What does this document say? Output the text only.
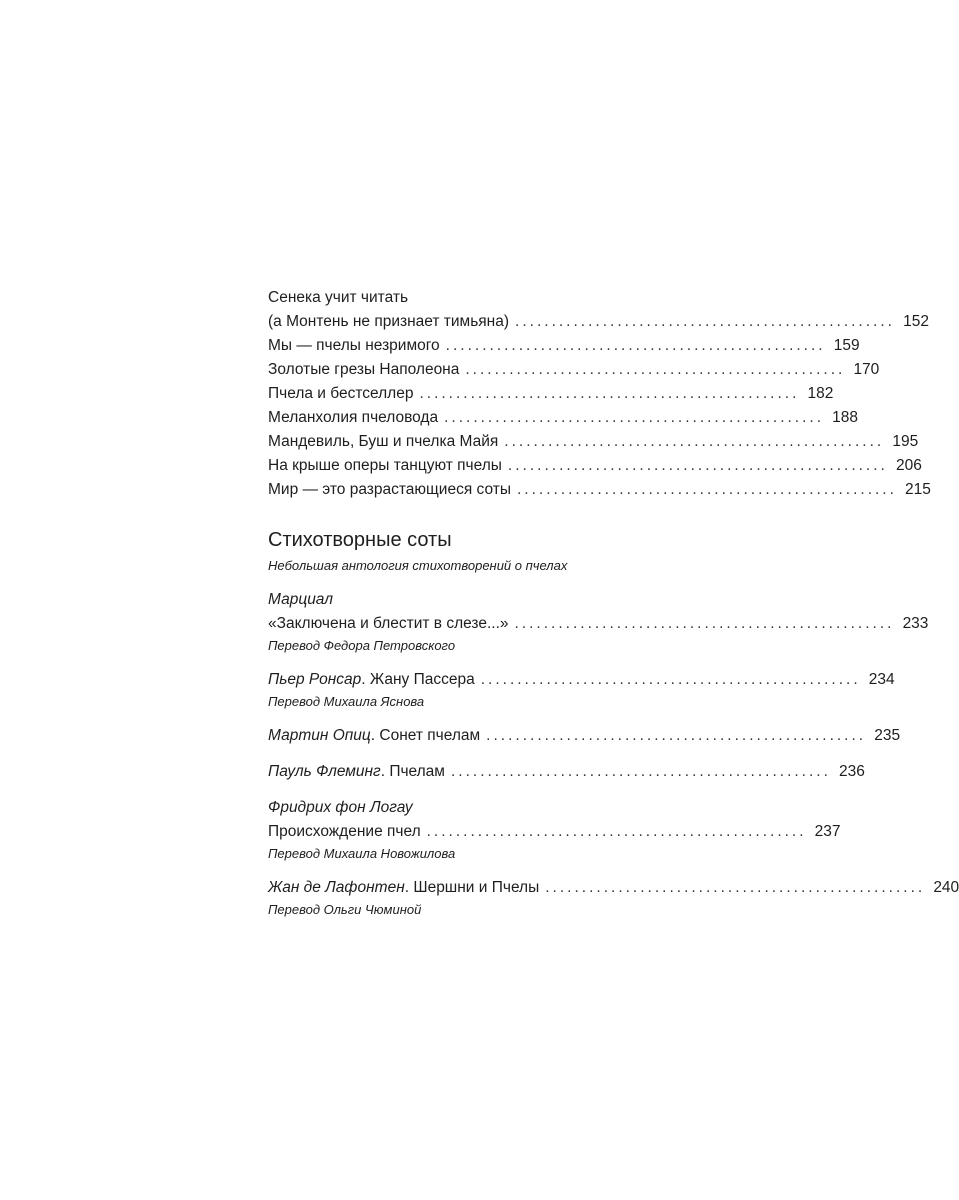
Сенека учит читать
(а Монтень не признает тимьяна) .................................................... 152
Мы — пчелы незримого .................................................... 159
Золотые грезы Наполеона .................................................... 170
Пчела и бестселлер .................................................... 182
Меланхолия пчеловода .................................................... 188
Мандевиль, Буш и пчелка Майя .................................................... 195
На крыше оперы танцуют пчелы .................................................... 206
Мир — это разрастающиеся соты .................................................... 215
Стихотворные соты
Небольшая антология стихотворений о пчелах
Марциал
«Заключена и блестит в слезе...» .................................................... 233
Перевод Федора Петровского
Пьер Ронсар. Жану Пассера .................................................... 234
Перевод Михаила Яснова
Мартин Опиц. Сонет пчелам .................................................... 235
Пауль Флеминг. Пчелам .................................................... 236
Фридрих фон Логау
Происхождение пчел .................................................... 237
Перевод Михаила Новожилова
Жан де Лафонтен. Шершни и Пчелы .................................................... 240
Перевод Ольги Чюминой
